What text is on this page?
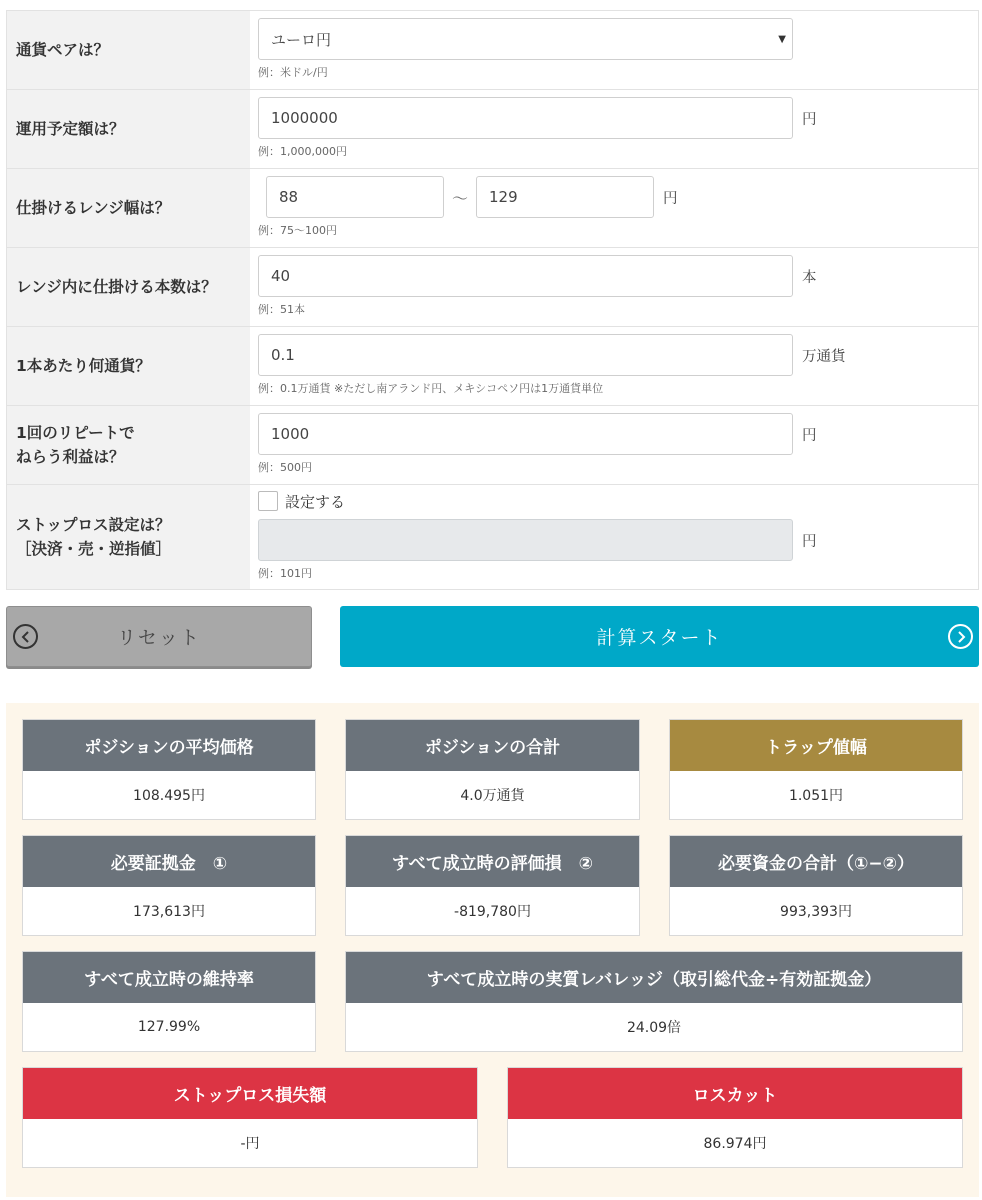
通貨ペアは？
ユーロ円	▼
例：米ドル/円
運用予定額は？
1000000	円
例：1,000,000円
仕掛けるレンジ幅は？
88	〜 129	円
例：75〜100円
レンジ内に仕掛ける本数は？
40	本
例：51本
1本あたり何通貨？
0.1	万通貨
例：0.1万通貨 ※ただし南アランド円、メキシコペソ円は1万通貨単位
1回のリピートで
ねらう利益は？
1000	円
例：500円
ストップロス設定は？
［決済・売・逆指値］
設定する
円
例：101円
リセット	計算スタート
ポジションの平均価格
108.495円
ポジションの合計
4.0万通貨
トラップ値幅
1.051円
必要証拠金　①
173,613円
すべて成立時の評価損　②
-819,780円
必要資金の合計（①−②）
993,393円
すべて成立時の維持率
127.99%
すべて成立時の実質レバレッジ（取引総代金÷有効証拠金）
24.09倍
ストップロス損失額
-円
ロスカット
86.974円
